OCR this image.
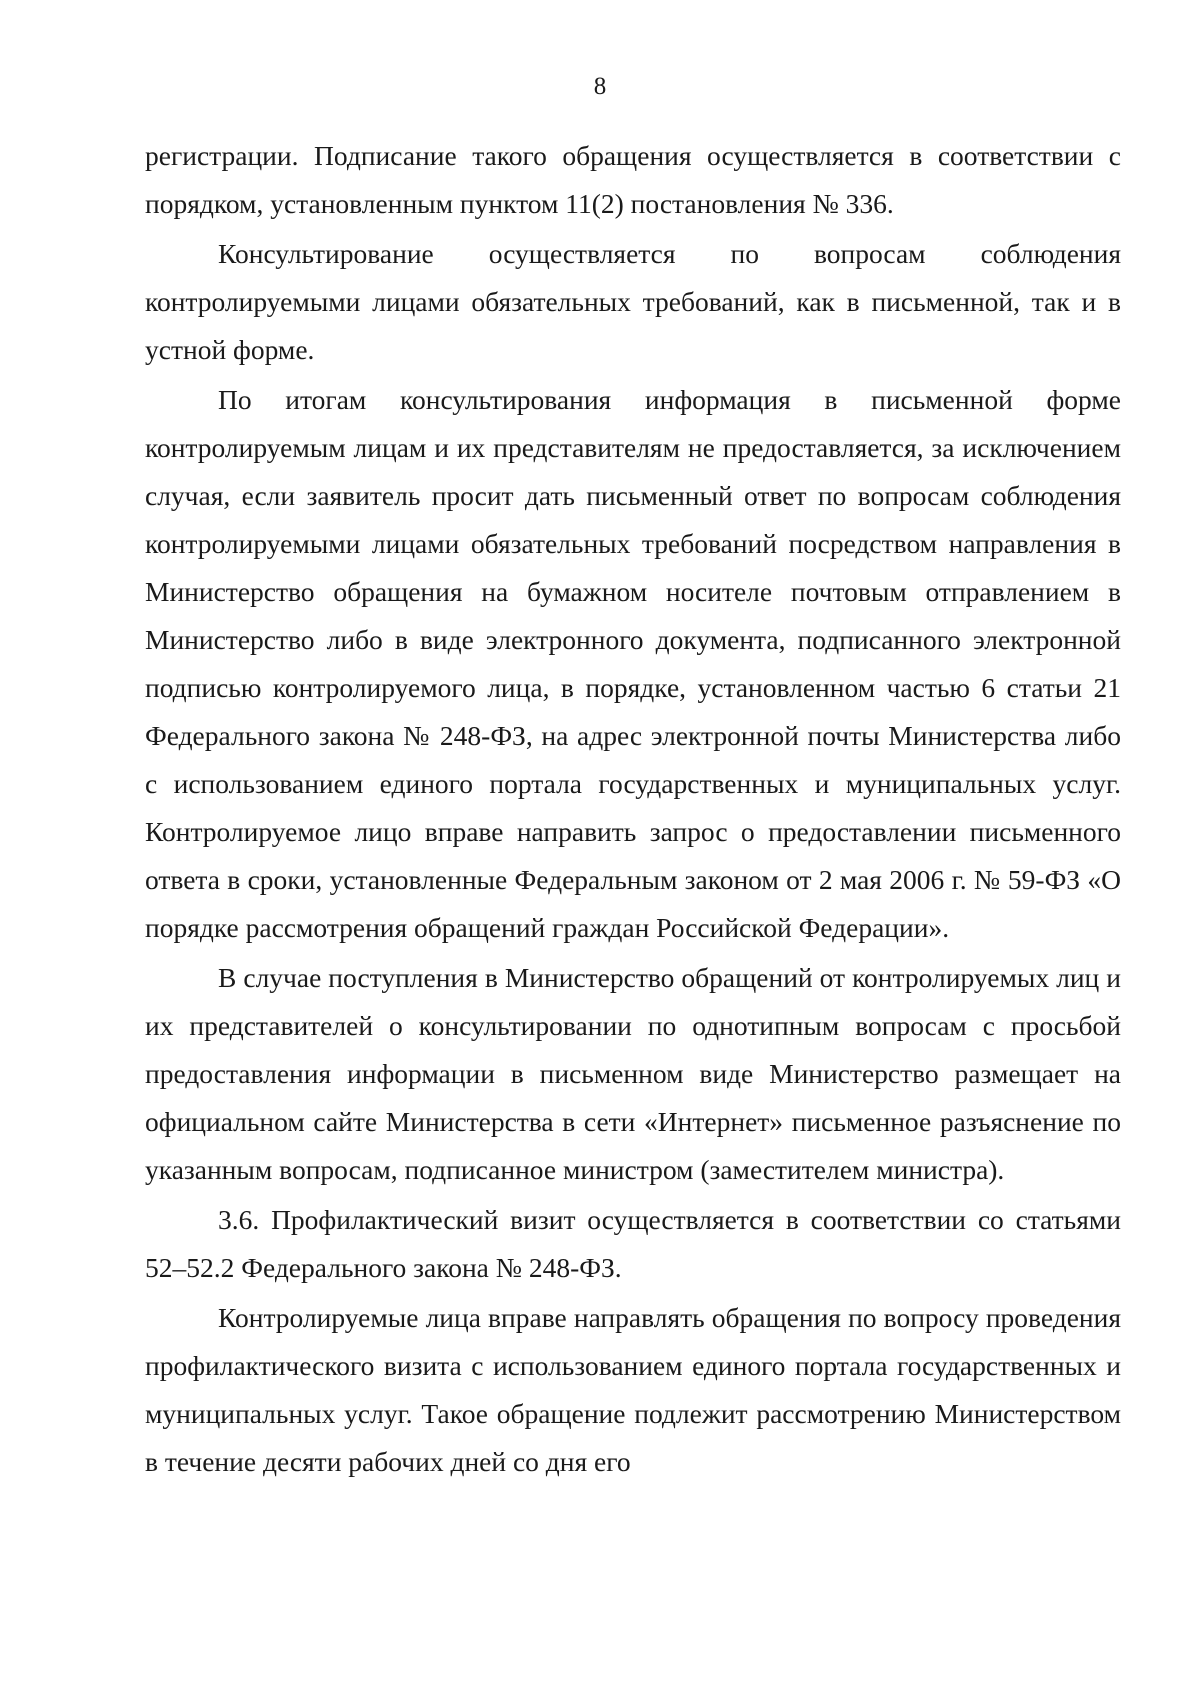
8

регистрации. Подписание такого обращения осуществляется в соответствии с порядком, установленным пунктом 11(2) постановления № 336.

Консультирование осуществляется по вопросам соблюдения контролируемыми лицами обязательных требований, как в письменной, так и в устной форме.

По итогам консультирования информация в письменной форме контролируемым лицам и их представителям не предоставляется, за исключением случая, если заявитель просит дать письменный ответ по вопросам соблюдения контролируемыми лицами обязательных требований посредством направления в Министерство обращения на бумажном носителе почтовым отправлением в Министерство либо в виде электронного документа, подписанного электронной подписью контролируемого лица, в порядке, установленном частью 6 статьи 21 Федерального закона № 248-ФЗ, на адрес электронной почты Министерства либо с использованием единого портала государственных и муниципальных услуг. Контролируемое лицо вправе направить запрос о предоставлении письменного ответа в сроки, установленные Федеральным законом от 2 мая 2006 г. № 59-ФЗ «О порядке рассмотрения обращений граждан Российской Федерации».

В случае поступления в Министерство обращений от контролируемых лиц и их представителей о консультировании по однотипным вопросам с просьбой предоставления информации в письменном виде Министерство размещает на официальном сайте Министерства в сети «Интернет» письменное разъяснение по указанным вопросам, подписанное министром (заместителем министра).

3.6. Профилактический визит осуществляется в соответствии со статьями 52–52.2 Федерального закона № 248-ФЗ.

Контролируемые лица вправе направлять обращения по вопросу проведения профилактического визита с использованием единого портала государственных и муниципальных услуг. Такое обращение подлежит рассмотрению Министерством в течение десяти рабочих дней со дня его
